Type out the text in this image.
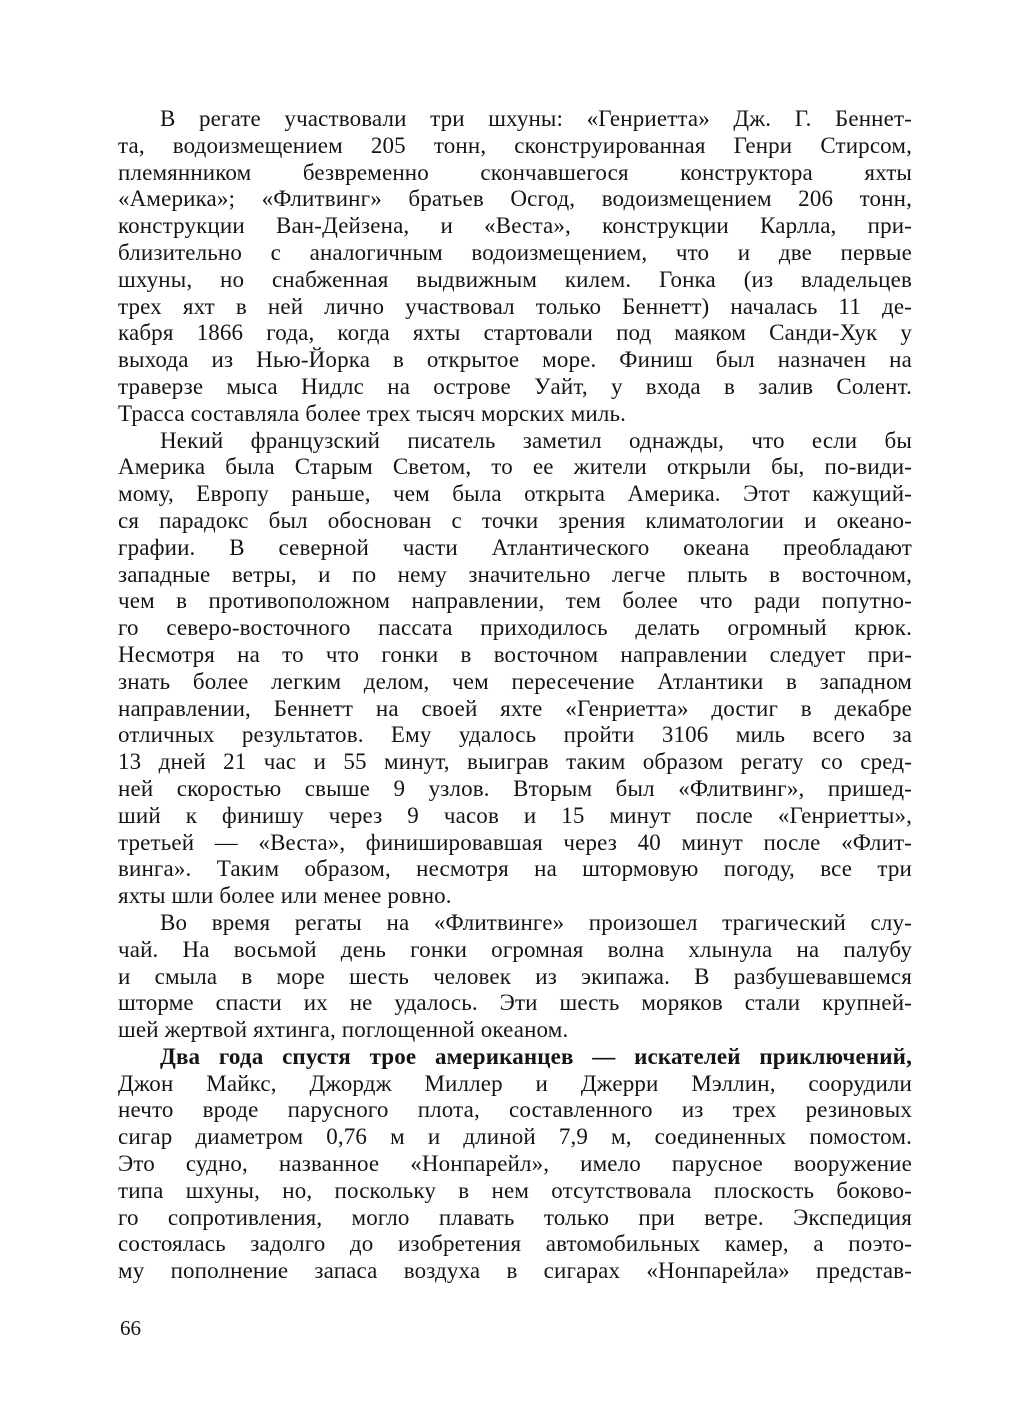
В регате участвовали три шхуны: «Генриетта» Дж. Г. Беннет-
та, водоизмещением 205 тонн, сконструированная Генри Стирсом,
племянником безвременно скончавшегося конструктора яхты
«Америка»; «Флитвинг» братьев Осгод, водоизмещением 206 тонн,
конструкции Ван-Дейзена, и «Веста», конструкции Карлла, при-
близительно с аналогичным водоизмещением, что и две первые
шхуны, но снабженная выдвижным килем. Гонка (из владельцев
трех яхт в ней лично участвовал только Беннетт) началась 11 де-
кабря 1866 года, когда яхты стартовали под маяком Санди-Хук у
выхода из Нью-Йорка в открытое море. Финиш был назначен на
траверзе мыса Нидлс на острове Уайт, у входа в залив Солент.
Трасса составляла более трех тысяч морских миль.
Некий французский писатель заметил однажды, что если бы
Америка была Старым Светом, то ее жители открыли бы, по-види-
мому, Европу раньше, чем была открыта Америка. Этот кажущий-
ся парадокс был обоснован с точки зрения климатологии и океано-
графии. В северной части Атлантического океана преобладают
западные ветры, и по нему значительно легче плыть в восточном,
чем в противоположном направлении, тем более что ради попутно-
го северо-восточного пассата приходилось делать огромный крюк.
Несмотря на то что гонки в восточном направлении следует при-
знать более легким делом, чем пересечение Атлантики в западном
направлении, Беннетт на своей яхте «Генриетта» достиг в декабре
отличных результатов. Ему удалось пройти 3106 миль всего за
13 дней 21 час и 55 минут, выиграв таким образом регату со сред-
ней скоростью свыше 9 узлов. Вторым был «Флитвинг», пришед-
ший к финишу через 9 часов и 15 минут после «Генриетты»,
третьей — «Веста», финишировавшая через 40 минут после «Флит-
винга». Таким образом, несмотря на штормовую погоду, все три
яхты шли более или менее ровно.
Во время регаты на «Флитвинге» произошел трагический слу-
чай. На восьмой день гонки огромная волна хлынула на палубу
и смыла в море шесть человек из экипажа. В разбушевавшемся
шторме спасти их не удалось. Эти шесть моряков стали крупней-
шей жертвой яхтинга, поглощенной океаном.
Два года спустя трое американцев — искателей приключений,
Джон Майкс, Джордж Миллер и Джерри Мэллин, соорудили
нечто вроде парусного плота, составленного из трех резиновых
сигар диаметром 0,76 м и длиной 7,9 м, соединенных помостом.
Это судно, названное «Нонпарейл», имело парусное вооружение
типа шхуны, но, поскольку в нем отсутствовала плоскость боково-
го сопротивления, могло плавать только при ветре. Экспедиция
состоялась задолго до изобретения автомобильных камер, а поэто-
му пополнение запаса воздуха в сигарах «Нонпарейла» представ-
66
